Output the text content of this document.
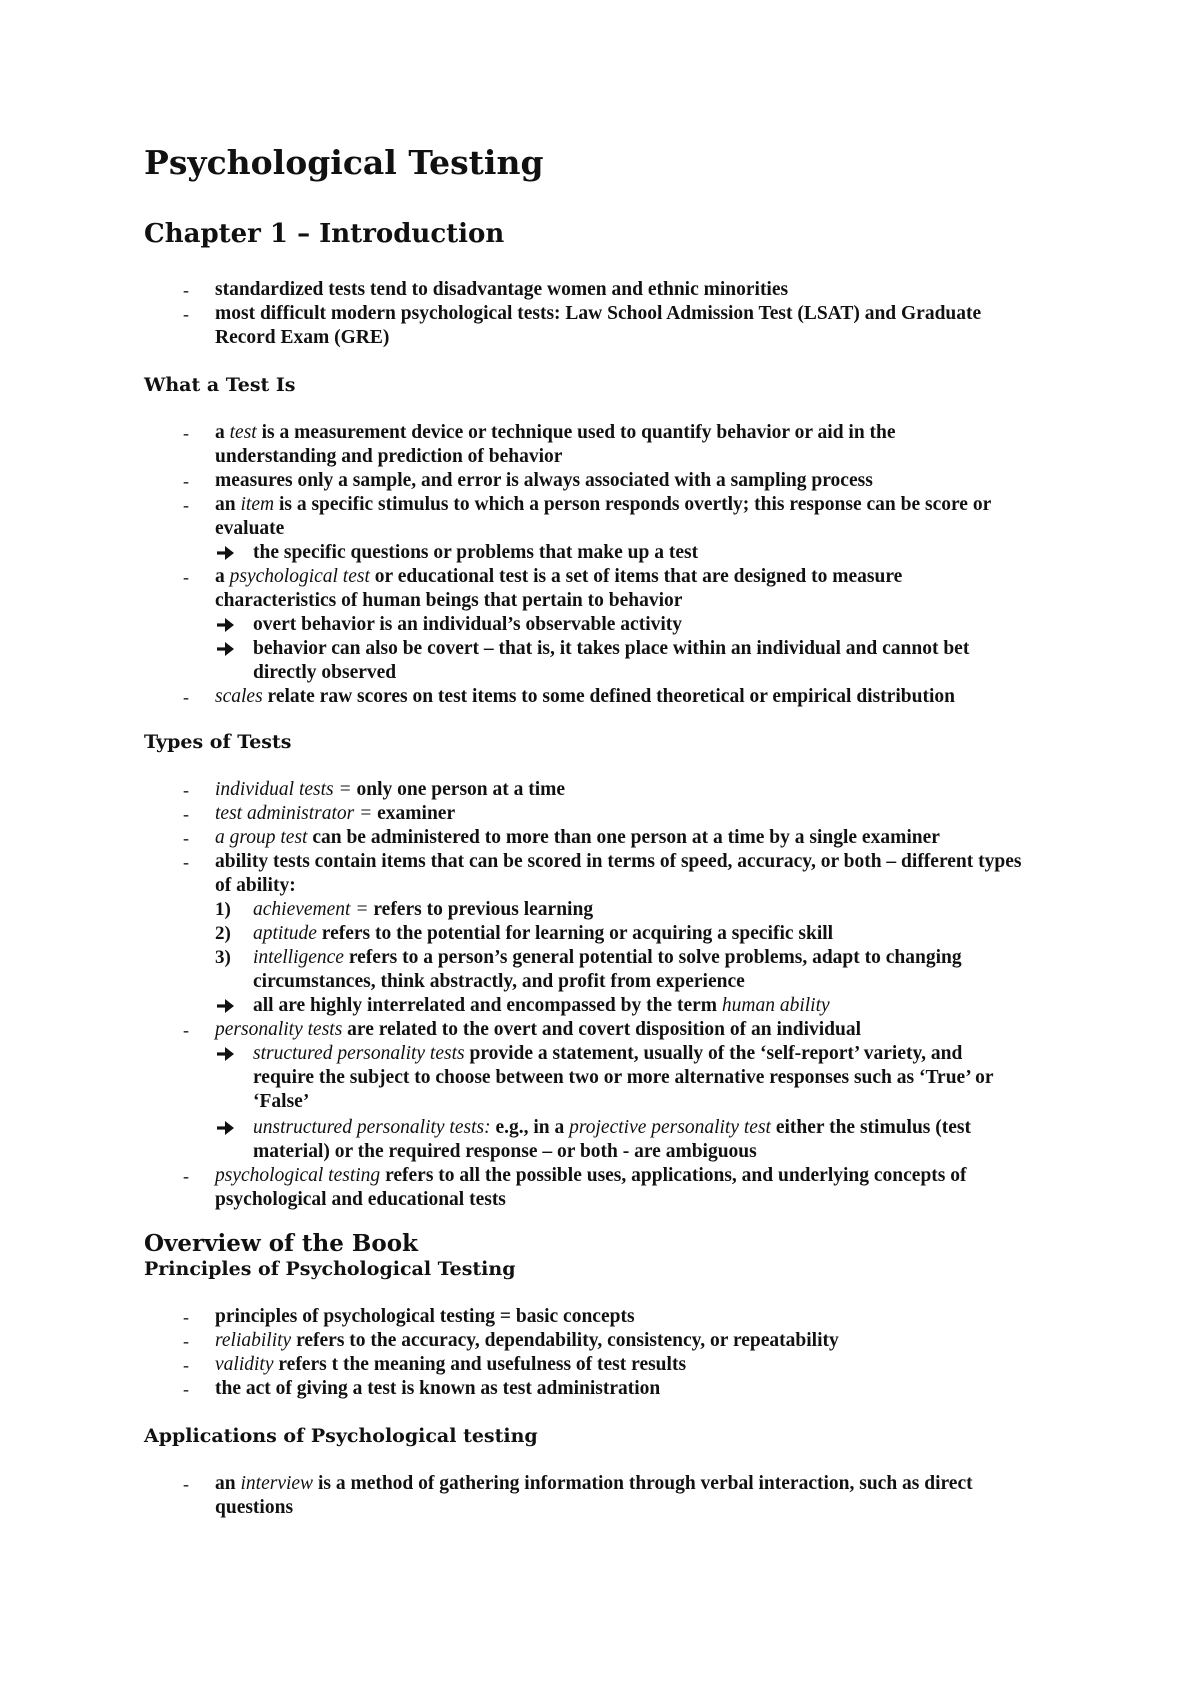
Psychological Testing
Chapter 1 – Introduction
- standardized tests tend to disadvantage women and ethnic minorities

- most difficult modern psychological tests: Law School Admission Test (LSAT) and Graduate

Record Exam (GRE)

What a Test Is
- a test is a measurement device or technique used to quantify behavior or aid in the

understanding and prediction of behavior

- measures only a sample, and error is always associated with a sampling process

- an item is a specific stimulus to which a person responds overtly; this response can be score or

evaluate

the specific questions or problems that make up a test

- a psychological test or educational test is a set of items that are designed to measure

characteristics of human beings that pertain to behavior

overt behavior is an individual’s observable activity

behavior can also be covert – that is, it takes place within an individual and cannot bet

directly observed

- scales relate raw scores on test items to some defined theoretical or empirical distribution

Types of Tests
- individual tests = only one person at a time

- test administrator = examiner

- a group test can be administered to more than one person at a time by a single examiner

- ability tests contain items that can be scored in terms of speed, accuracy, or both – different types

of ability:

1) achievement = refers to previous learning

2) aptitude refers to the potential for learning or acquiring a specific skill

3) intelligence refers to a person’s general potential to solve problems, adapt to changing

circumstances, think abstractly, and profit from experience

all are highly interrelated and encompassed by the term human ability

- personality tests are related to the overt and covert disposition of an individual

structured personality tests provide a statement, usually of the ‘self-report’ variety, and

require the subject to choose between two or more alternative responses such as ‘True’ or

‘False’

unstructured personality tests: e.g., in a projective personality test either the stimulus (test

material) or the required response – or both - are ambiguous

- psychological testing refers to all the possible uses, applications, and underlying concepts of

psychological and educational tests

Overview of the Book
Principles of Psychological Testing
- principles of psychological testing = basic concepts

- reliability refers to the accuracy, dependability, consistency, or repeatability

- validity refers t the meaning and usefulness of test results

- the act of giving a test is known as test administration

Applications of Psychological testing
- an interview is a method of gathering information through verbal interaction, such as direct

questions
